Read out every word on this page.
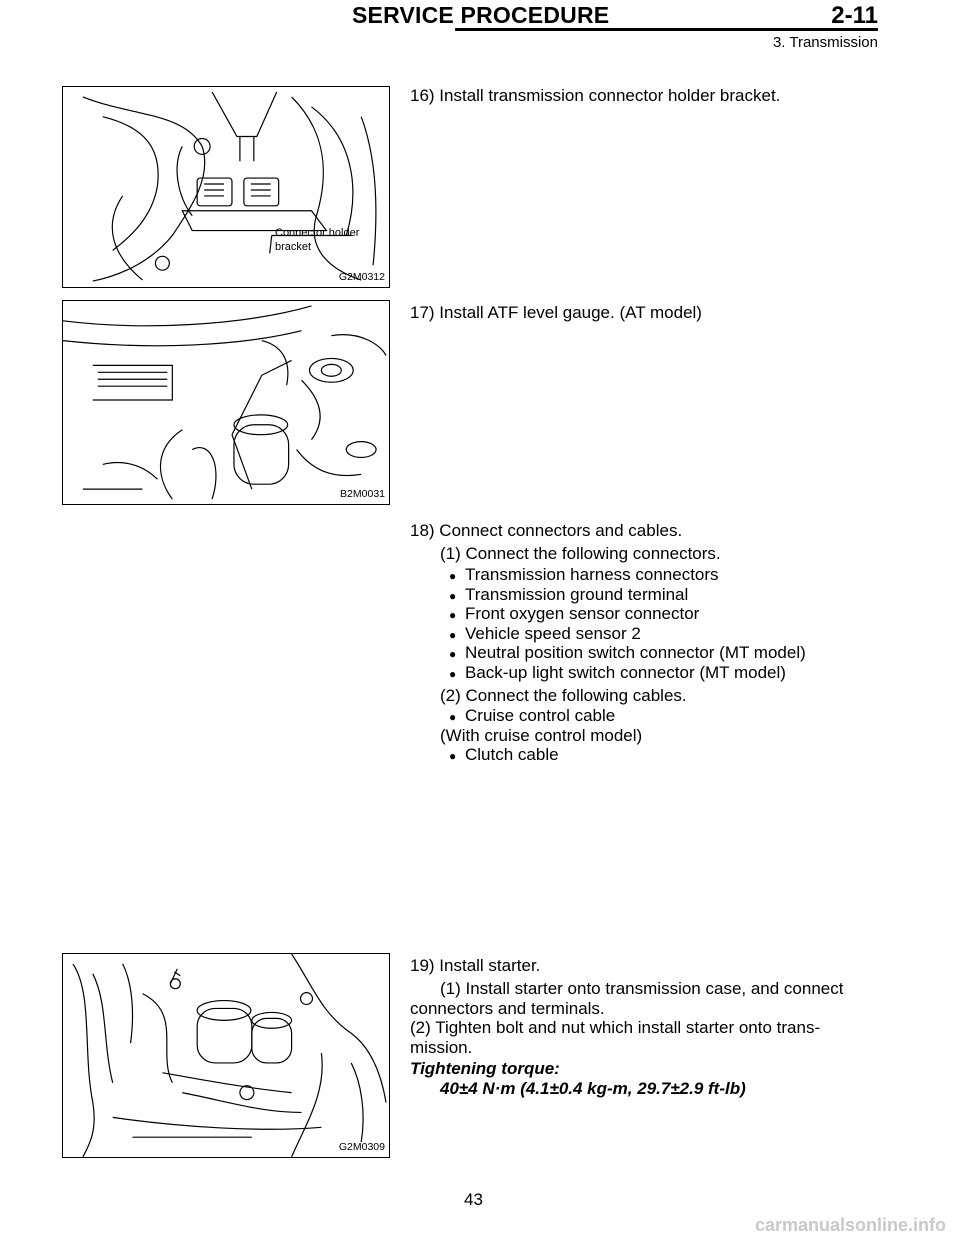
SERVICE PROCEDURE	2-11
3. Transmission
Connector holder
bracket
G2M0312
B2M0031
G2M0309
16) Install transmission connector holder bracket.
17) Install ATF level gauge. (AT model)
18) Connect connectors and cables.
(1) Connect the following connectors.
● Transmission harness connectors
● Transmission ground terminal
● Front oxygen sensor connector
● Vehicle speed sensor 2
● Neutral position switch connector (MT model)
● Back-up light switch connector (MT model)
(2) Connect the following cables.
● Cruise control cable
(With cruise control model)
● Clutch cable
19) Install starter.
(1) Install starter onto transmission case, and connect
connectors and terminals.
(2) Tighten bolt and nut which install starter onto trans-
mission.
Tightening torque:
40±4 N·m (4.1±0.4 kg-m, 29.7±2.9 ft-lb)
43
carmanualsonline.info
